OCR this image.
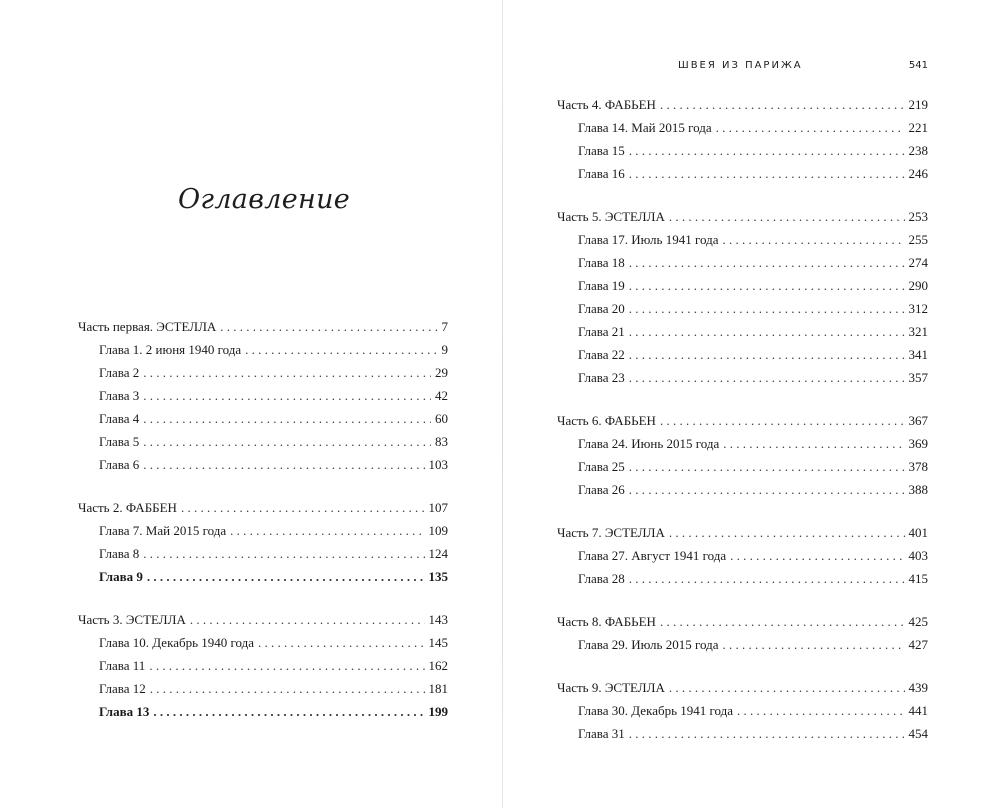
Оглавление
ШВЕЯ ИЗ ПАРИЖА	541
Часть первая. ЭСТЕЛЛА . . .	7
Глава 1. 2 июня 1940 года . . .	9
Глава 2 . . .	29
Глава 3 . . .	42
Глава 4 . . .	60
Глава 5 . . .	83
Глава 6 . . .	103
Часть 2. ФАББЕН . . .	107
Глава 7. Май 2015 года . . .	109
Глава 8 . . .	124
Глава 9 . . .	135
Часть 3. ЭСТЕЛЛА . . .	143
Глава 10. Декабрь 1940 года . . .	145
Глава 11 . . .	162
Глава 12 . . .	181
Глава 13 . . .	199
Часть 4. ФАБЬЕН . . .	219
Глава 14. Май 2015 года . . .	221
Глава 15 . . .	238
Глава 16 . . .	246
Часть 5. ЭСТЕЛЛА . . .	253
Глава 17. Июль 1941 года . . .	255
Глава 18 . . .	274
Глава 19 . . .	290
Глава 20 . . .	312
Глава 21 . . .	321
Глава 22 . . .	341
Глава 23 . . .	357
Часть 6. ФАБЬЕН . . .	367
Глава 24. Июнь 2015 года . . .	369
Глава 25 . . .	378
Глава 26 . . .	388
Часть 7. ЭСТЕЛЛА . . .	401
Глава 27. Август 1941 года . . .	403
Глава 28 . . .	415
Часть 8. ФАБЬЕН . . .	425
Глава 29. Июль 2015 года . . .	427
Часть 9. ЭСТЕЛЛА . . .	439
Глава 30. Декабрь 1941 года . . .	441
Глава 31 . . .	454
